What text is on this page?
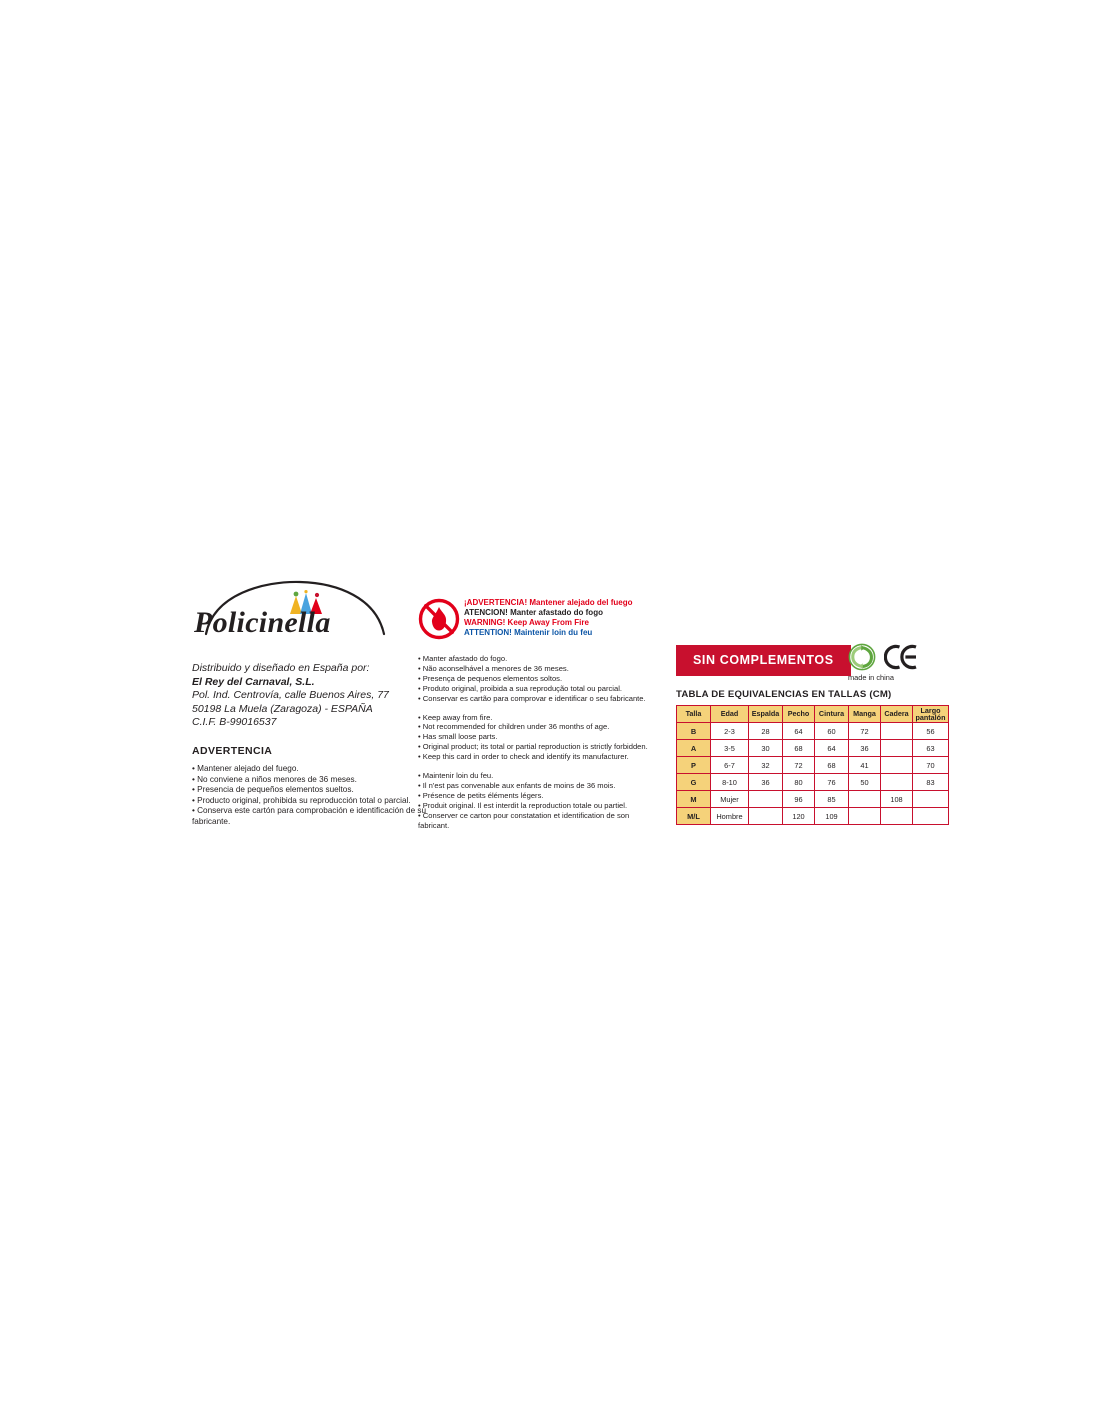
Policinella
Distribuido y diseñado en España por:
El Rey del Carnaval, S.L.
Pol. Ind. Centrovía, calle Buenos Aires, 77
50198 La Muela (Zaragoza) - ESPAÑA
C.I.F. B-99016537
ADVERTENCIA
• Mantener alejado del fuego.
• No conviene a niños menores de 36 meses.
• Presencia de pequeños elementos sueltos.
• Producto original, prohibida su reproducción total o parcial.
• Conserva este cartón para comprobación e identificación de su fabricante.
¡ADVERTENCIA! Mantener alejado del fuego
ATENCION! Manter afastado do fogo
WARNING! Keep Away From Fire
ATTENTION! Maintenir loin du feu
• Manter afastado do fogo.
• Não aconselhável a menores de 36 meses.
• Presença de pequenos elementos soltos.
• Produto original, proibida a sua reprodução total ou parcial.
• Conservar es cartão para comprovar e identificar o seu fabricante.
• Keep away from fire.
• Not recommended for children under 36 months of age.
• Has small loose parts.
• Original product; its total or partial reproduction is strictly forbidden.
• Keep this card in order to check and identify its manufacturer.
• Maintenir loin du feu.
• Il n'est pas convenable aux enfants de moins de 36 mois.
• Présence de petits éléments légers.
• Produit original. Il est interdit la reproduction totale ou partiel.
• Conserver ce carton pour constatation et identification de son fabricant.
SIN COMPLEMENTOS
made in china
TABLA DE EQUIVALENCIAS EN TALLAS (CM)
Talla	Edad	Espalda	Pecho	Cintura	Manga	Cadera	Largo
pantalón

B	2-3	28	64	60	72		56
A	3-5	30	68	64	36		63
P	6-7	32	72	68	41		70
G	8-10	36	80	76	50		83
M	Mujer		96	85		108	
M/L	Hombre		120	109			
